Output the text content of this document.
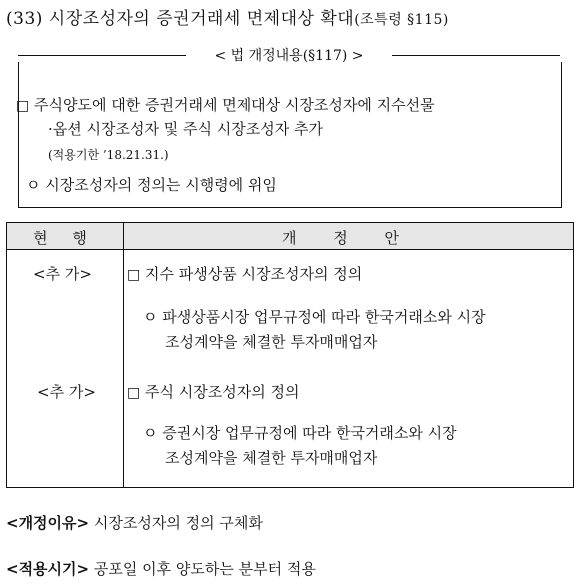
(33) 시장조성자의 증권거래세 면제대상 확대(조특령 §115)
< 법 개정내용(§117) >
□ 주식양도에 대한 증권거래세 면제대상 시장조성자에 지수선물
·옵션 시장조성자 및 주식 시장조성자 추가
(적용기한 ’18.21.31.)
ㅇ 시장조성자의 정의는 시행령에 위임
현 행	개 정 안
<추 가>	□ 지수 파생상품 시장조성자의 정의
ㅇ 파생상품시장 업무규정에 따라 한국거래소와 시장
조성계약을 체결한 투자매매업자
<추 가> □ 주식 시장조성자의 정의
ㅇ 증권시장 업무규정에 따라 한국거래소와 시장
조성계약을 체결한 투자매매업자
<개정이유> 시장조성자의 정의 구체화
<적용시기> 공포일 이후 양도하는 분부터 적용
